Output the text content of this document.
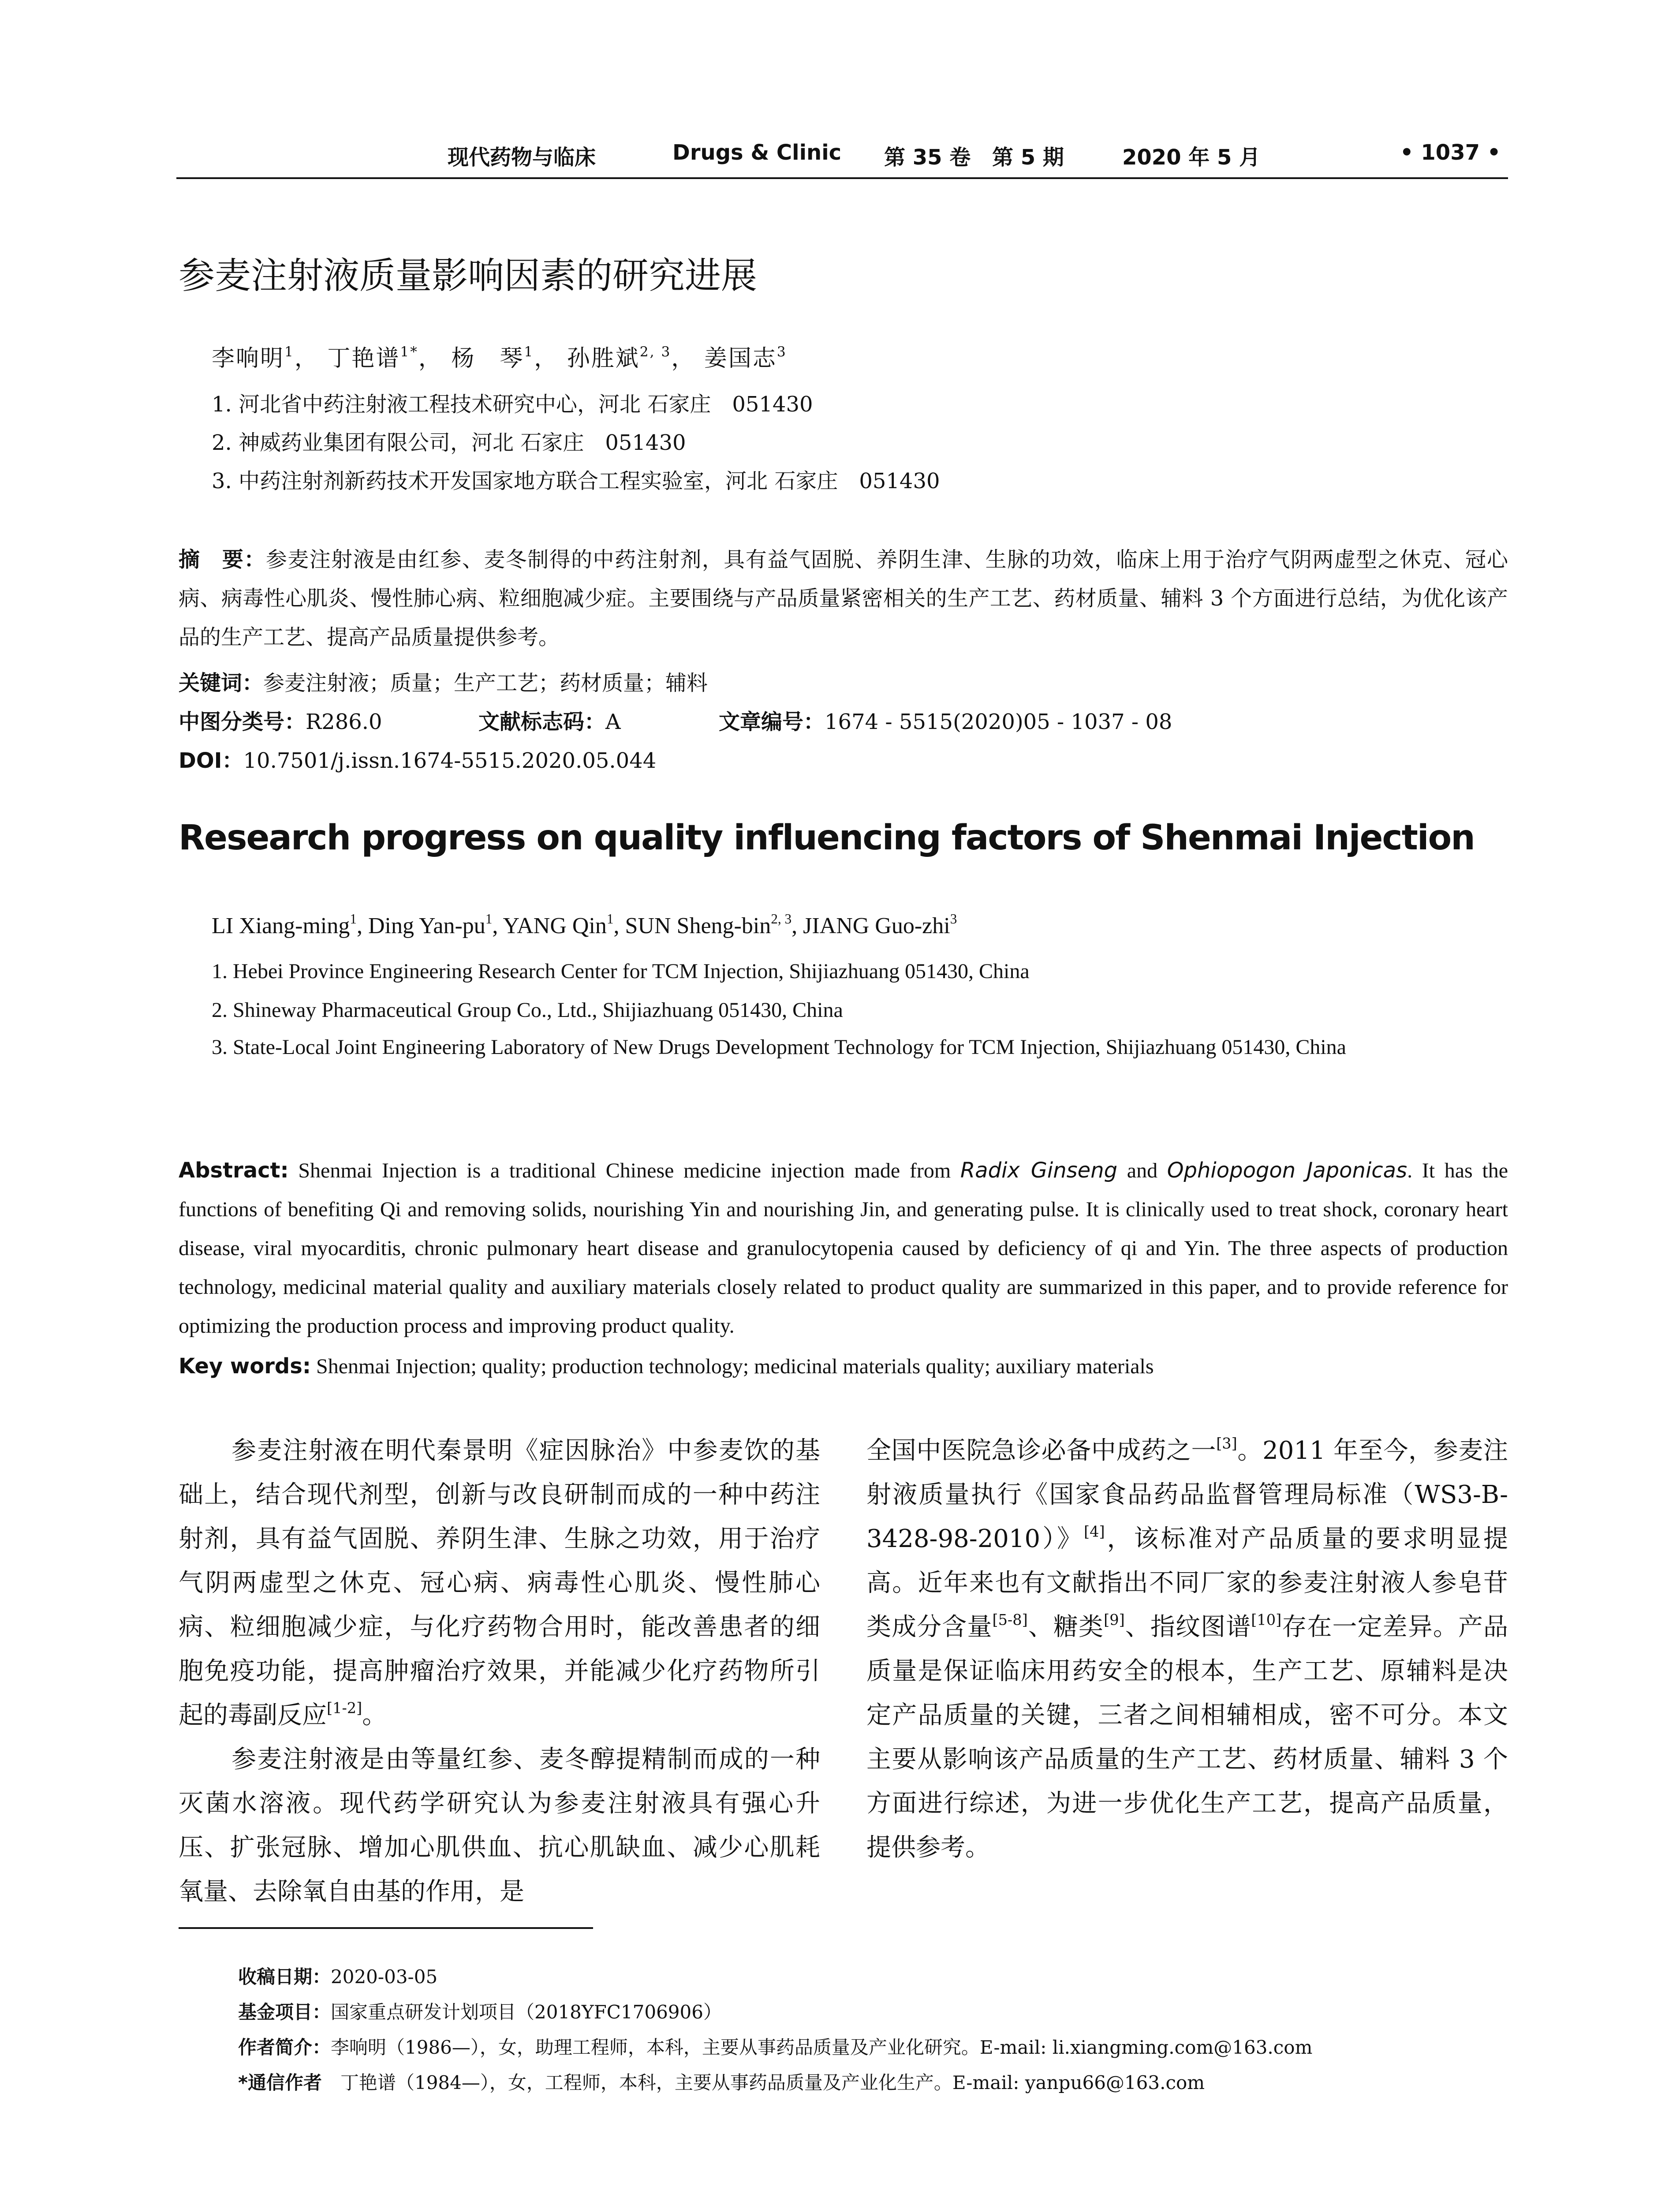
现代药物与临床	Drugs & Clinic 第 35 卷 第 5 期	2020 年 5 月	• 1037 •
参麦注射液质量影响因素的研究进展
李响明$^1$， 丁艳谱$^{1*}$， 杨　琴$^1$， 孙胜斌$^{2, 3}$， 姜国志$^3$
1. 河北省中药注射液工程技术研究中心，河北 石家庄　051430
2. 神威药业集团有限公司，河北 石家庄　051430
3. 中药注射剂新药技术开发国家地方联合工程实验室，河北 石家庄　051430
摘　要：参麦注射液是由红参、麦冬制得的中药注射剂，具有益气固脱、养阴生津、生脉的功效，临床上用于治疗气阴两虚型之休克、冠心病、病毒性心肌炎、慢性肺心病、粒细胞减少症。主要围绕与产品质量紧密相关的生产工艺、药材质量、辅料 3 个方面进行总结，为优化该产品的生产工艺、提高产品质量提供参考。
关键词：参麦注射液；质量；生产工艺；药材质量；辅料
中图分类号：R286.0	文献标志码：A	文章编号：1674 - 5515(2020)05 - 1037 - 08
DOI：10.7501/j.issn.1674-5515.2020.05.044
Research progress on quality influencing factors of Shenmai Injection
LI Xiang-ming$^1$, Ding Yan-$pu^1$, YANG Qin$^1$, SUN Sheng-bin$^{2, 3}$, JIANG Guo-zhi$^3$
1. Hebei Province Engineering Research Center for TCM Injection, Shijiazhuang 051430, China
2. Shineway Pharmaceutical Group Co., Ltd., Shijiazhuang 051430, China
3. State-Local Joint Engineering Laboratory of New Drugs Development Technology for TCM Injection, Shijiazhuang 051430, China
Abstract: Shenmai Injection is a traditional Chinese medicine injection made from Radix Ginseng and Ophiopogon Japonicas. It has the functions of benefiting Qi and removing solids, nourishing Yin and nourishing Jin, and generating pulse. It is clinically used to treat shock, coronary heart disease, viral myocarditis, chronic pulmonary heart disease and granulocytopenia caused by deficiency of qi and Yin. The three aspects of production technology, medicinal material quality and auxiliary materials closely related to product quality are summarized in this paper, and to provide reference for optimizing the production process and improving product quality.
Key words: Shenmai Injection; quality; production technology; medicinal materials quality; auxiliary materials

参麦注射液在明代秦景明《症因脉治》中参麦饮的基础上，结合现代剂型，创新与改良研制而成的一种中药注射剂，具有益气固脱、养阴生津、生脉之功效，用于治疗气阴两虚型之休克、冠心病、病毒性心肌炎、慢性肺心病、粒细胞减少症，与化疗药物合用时，能改善患者的细胞免疫功能，提高肿瘤治疗效果，并能减少化疗药物所引起的毒副反应[1-2]。

参麦注射液是由等量红参、麦冬醇提精制而成的一种灭菌水溶液。现代药学研究认为参麦注射液具有强心升压、扩张冠脉、增加心肌供血、抗心肌缺血、减少心肌耗氧量、去除氧自由基的作用，是

全国中医院急诊必备中成药之一[3]。2011 年至今，参麦注射液质量执行《国家食品药品监督管理局标准（WS3-B-3428-98-2010）》[4]，该标准对产品质量的要求明显提高。近年来也有文献指出不同厂家的参麦注射液人参皂苷类成分含量[5-8]、糖类[9]、指纹图谱[10]存在一定差异。产品质量是保证临床用药安全的根本，生产工艺、原辅料是决定产品质量的关键，三者之间相辅相成，密不可分。本文主要从影响该产品质量的生产工艺、药材质量、辅料 3 个方面进行综述，为进一步优化生产工艺，提高产品质量，提供参考。

收稿日期：2020-03-05
基金项目：国家重点研发计划项目（2018YFC1706906）
作者简介：李响明（1986—），女，助理工程师，本科，主要从事药品质量及产业化研究。E-mail: li.xiangming.com@163.com
*通信作者　 丁艳谱（1984—），女，工程师，本科，主要从事药品质量及产业化生产。E-mail: yanpu66@163.com
